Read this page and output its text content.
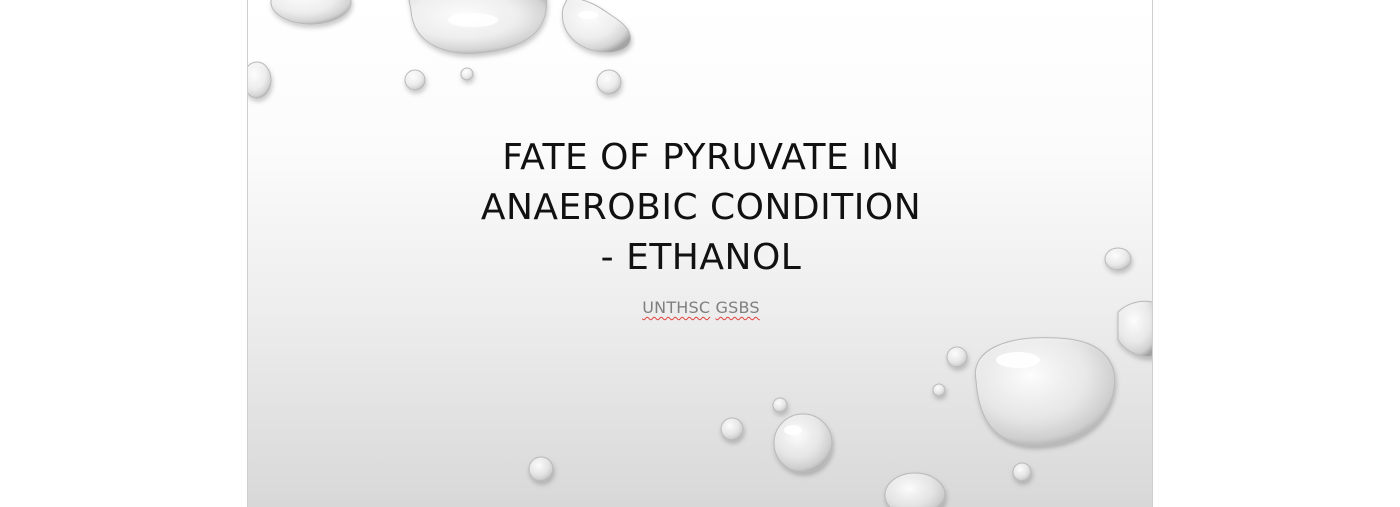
FATE OF PYRUVATE IN
ANAEROBIC CONDITION
- ETHANOL
UNTHSC GSBS
